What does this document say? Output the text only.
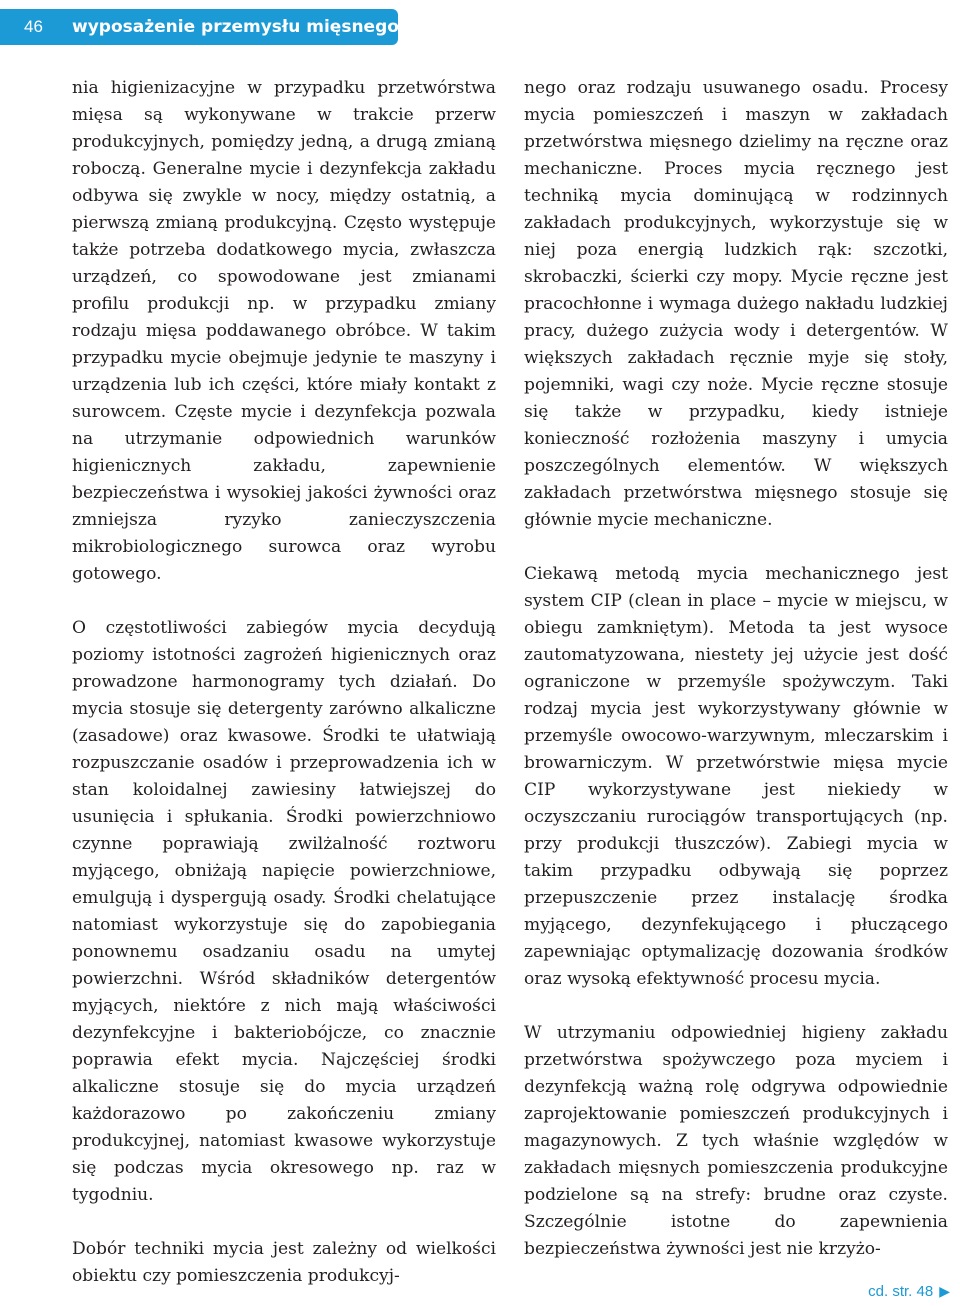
46 wyposażenie przemysłu mięsnego

nia higienizacyjne w przypadku przetwórstwa mięsa są wykonywane w trakcie przerw produkcyjnych, pomiędzy jedną, a drugą zmianą roboczą. Generalne mycie i dezynfekcja zakładu odbywa się zwykle w nocy, między ostatnią, a pierwszą zmianą produkcyjną. Często występuje także potrzeba dodatkowego mycia, zwłaszcza urządzeń, co spowodowane jest zmianami profilu produkcji np. w przypadku zmiany rodzaju mięsa poddawanego obróbce. W takim przypadku mycie obejmuje jedynie te maszyny i urządzenia lub ich części, które miały kontakt z surowcem. Częste mycie i dezynfekcja pozwala na utrzymanie odpowiednich warunków higienicznych zakładu, zapewnienie bezpieczeństwa i wysokiej jakości żywności oraz zmniejsza ryzyko zanieczyszczenia mikrobiologicznego surowca oraz wyrobu gotowego.

O częstotliwości zabiegów mycia decydują poziomy istotności zagrożeń higienicznych oraz prowadzone harmonogramy tych działań. Do mycia stosuje się detergenty zarówno alkaliczne (zasadowe) oraz kwasowe. Środki te ułatwiają rozpuszczanie osadów i przeprowadzenia ich w stan koloidalnej zawiesiny łatwiejszej do usunięcia i spłukania. Środki powierzchniowo czynne poprawiają zwilżalność roztworu myjącego, obniżają napięcie powierzchniowe, emulgują i dyspergują osady. Środki chelatujące natomiast wykorzystuje się do zapobiegania ponownemu osadzaniu osadu na umytej powierzchni. Wśród składników detergentów myjących, niektóre z nich mają właściwości dezynfekcyjne i bakteriobójcze, co znacznie poprawia efekt mycia. Najczęściej środki alkaliczne stosuje się do mycia urządzeń każdorazowo po zakończeniu zmiany produkcyjnej, natomiast kwasowe wykorzystuje się podczas mycia okresowego np. raz w tygodniu.

Dobór techniki mycia jest zależny od wielkości obiektu czy pomieszczenia produkcyj-

nego oraz rodzaju usuwanego osadu. Procesy mycia pomieszczeń i maszyn w zakładach przetwórstwa mięsnego dzielimy na ręczne oraz mechaniczne. Proces mycia ręcznego jest techniką mycia dominującą w rodzinnych zakładach produkcyjnych, wykorzystuje się w niej poza energią ludzkich rąk: szczotki, skrobaczki, ścierki czy mopy. Mycie ręczne jest pracochłonne i wymaga dużego nakładu ludzkiej pracy, dużego zużycia wody i detergentów. W większych zakładach ręcznie myje się stoły, pojemniki, wagi czy noże. Mycie ręczne stosuje się także w przypadku, kiedy istnieje konieczność rozłożenia maszyny i umycia poszczególnych elementów. W większych zakładach przetwórstwa mięsnego stosuje się głównie mycie mechaniczne.

Ciekawą metodą mycia mechanicznego jest system CIP (clean in place – mycie w miejscu, w obiegu zamkniętym). Metoda ta jest wysoce zautomatyzowana, niestety jej użycie jest dość ograniczone w przemyśle spożywczym. Taki rodzaj mycia jest wykorzystywany głównie w przemyśle owocowo-warzywnym, mleczarskim i browarniczym. W przetwórstwie mięsa mycie CIP wykorzystywane jest niekiedy w oczyszczaniu rurociągów transportujących (np. przy produkcji tłuszczów). Zabiegi mycia w takim przypadku odbywają się poprzez przepuszczenie przez instalację środka myjącego, dezynfekującego i płuczącego zapewniając optymalizację dozowania środków oraz wysoką efektywność procesu mycia.

W utrzymaniu odpowiedniej higieny zakładu przetwórstwa spożywczego poza myciem i dezynfekcją ważną rolę odgrywa odpowiednie zaprojektowanie pomieszczeń produkcyjnych i magazynowych. Z tych właśnie względów w zakładach mięsnych pomieszczenia produkcyjne podzielone są na strefy: brudne oraz czyste. Szczególnie istotne do zapewnienia bezpieczeństwa żywności jest nie krzyżo-

cd. str. 48 ▶
